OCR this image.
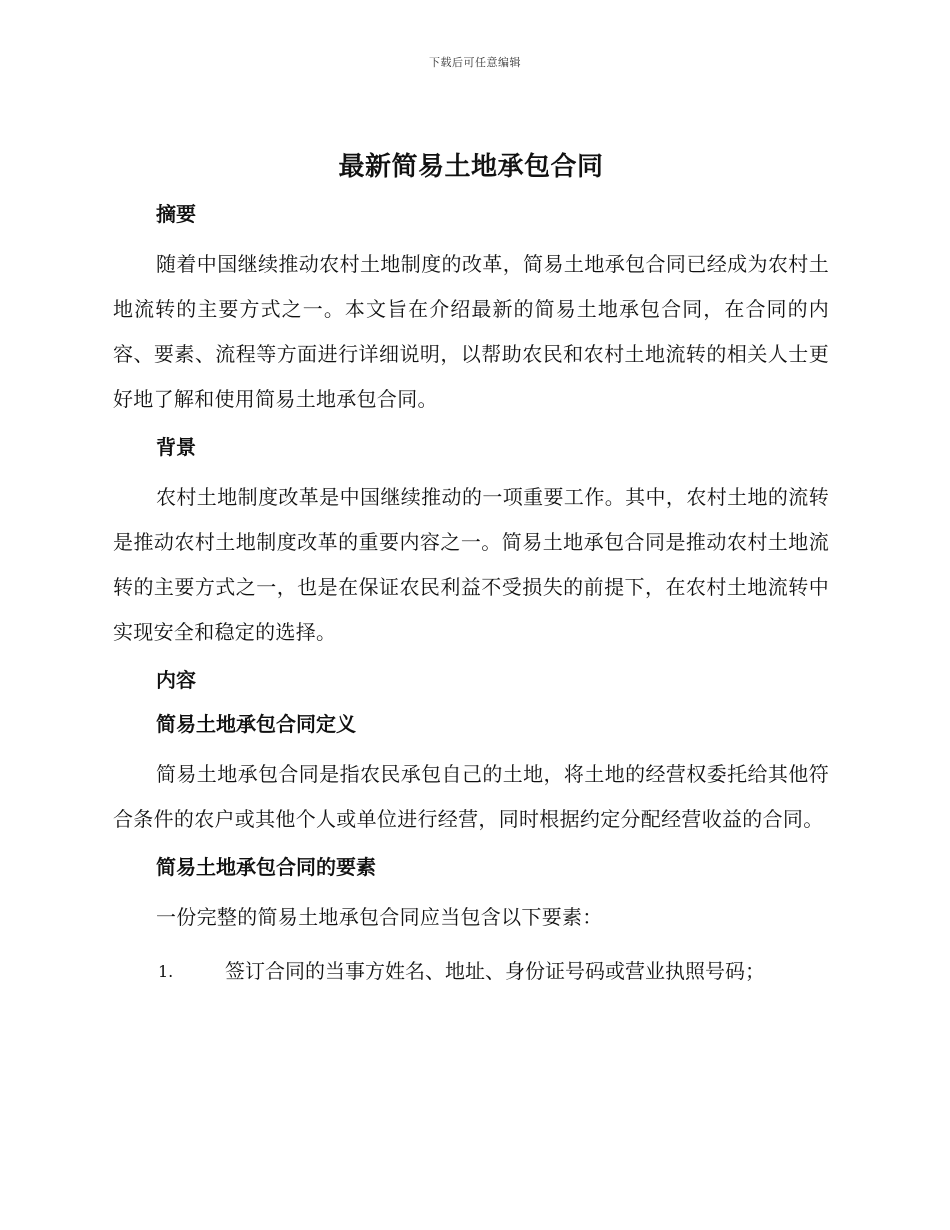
下载后可任意编辑
最新简易土地承包合同
摘要

随着中国继续推动农村土地制度的改革，简易土地承包合同已经成为农村土地流转的主要方式之一。本文旨在介绍最新的简易土地承包合同，在合同的内容、要素、流程等方面进行详细说明，以帮助农民和农村土地流转的相关人士更好地了解和使用简易土地承包合同。

背景

农村土地制度改革是中国继续推动的一项重要工作。其中，农村土地的流转是推动农村土地制度改革的重要内容之一。简易土地承包合同是推动农村土地流转的主要方式之一，也是在保证农民利益不受损失的前提下，在农村土地流转中实现安全和稳定的选择。

内容
简易土地承包合同定义

简易土地承包合同是指农民承包自己的土地，将土地的经营权委托给其他符合条件的农户或其他个人或单位进行经营，同时根据约定分配经营收益的合同。

简易土地承包合同的要素

一份完整的简易土地承包合同应当包含以下要素：

1.	签订合同的当事方姓名、地址、身份证号码或营业执照号码；
